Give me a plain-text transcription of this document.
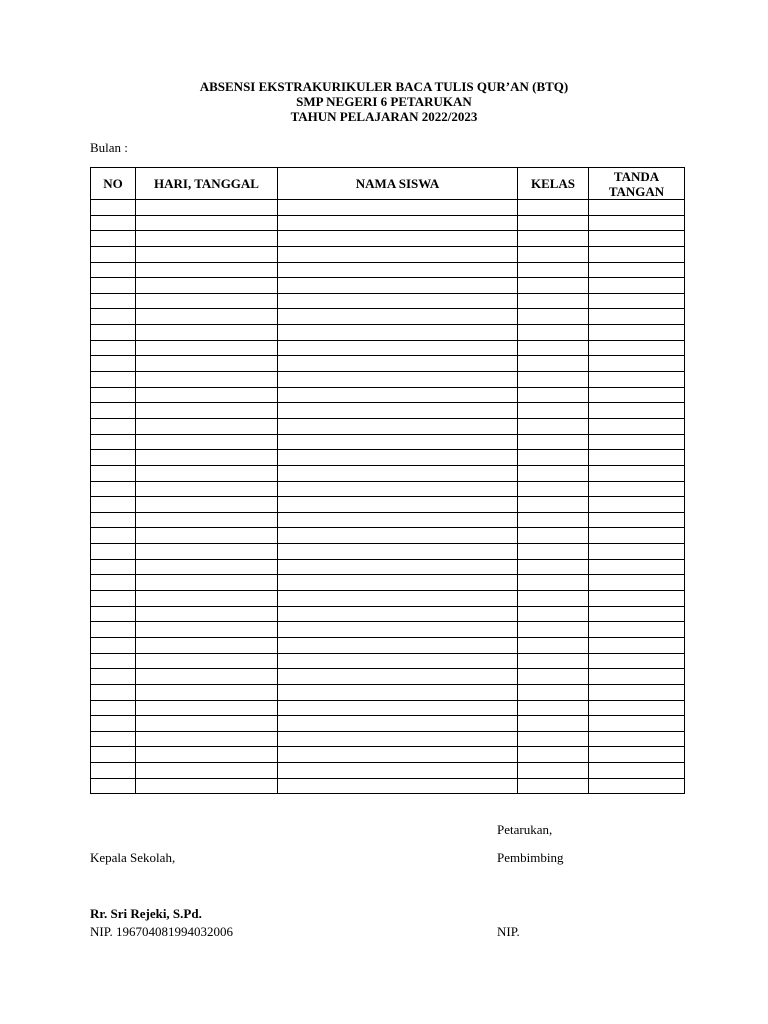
ABSENSI EKSTRAKURIKULER BACA TULIS QUR’AN (BTQ)
SMP NEGERI 6 PETARUKAN
TAHUN PELAJARAN 2022/2023
Bulan :
NO	HARI, TANGGAL	NAMA SISWA	KELAS	TANDA
TANGAN

Petarukan,
Kepala Sekolah,	Pembimbing
Rr. Sri Rejeki, S.Pd.
NIP. 196704081994032006	NIP.
